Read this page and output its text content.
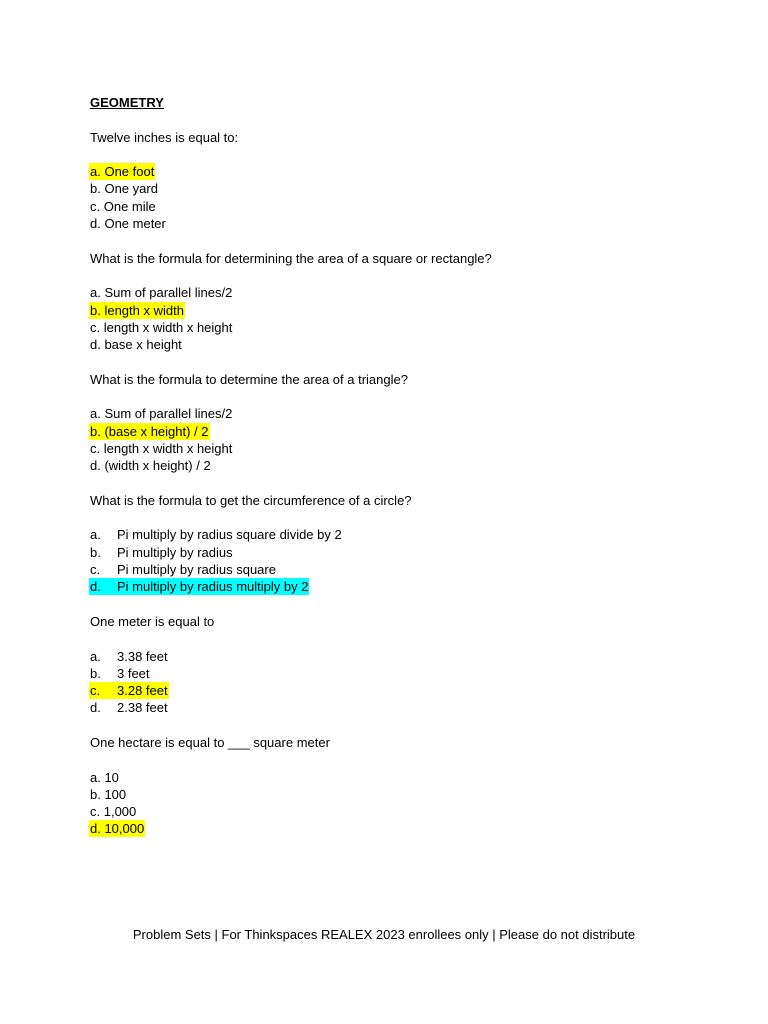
GEOMETRY
Twelve inches is equal to:
a. One foot
b. One yard
c. One mile
d. One meter
What is the formula for determining the area of a square or rectangle?
a. Sum of parallel lines/2
b. length x width
c. length x width x height
d. base x height
What is the formula to determine the area of a triangle?
a. Sum of parallel lines/2
b. (base x height) / 2
c. length x width x height
d. (width x height) / 2
What is the formula to get the circumference of a circle?
a. Pi multiply by radius square divide by 2
b. Pi multiply by radius
c. Pi multiply by radius square
d. Pi multiply by radius multiply by 2
One meter is equal to
a. 3.38 feet
b. 3 feet
c. 3.28 feet
d. 2.38 feet
One hectare is equal to ___ square meter
a. 10
b. 100
c. 1,000
d. 10,000
Problem Sets | For Thinkspaces REALEX 2023 enrollees only | Please do not distribute
